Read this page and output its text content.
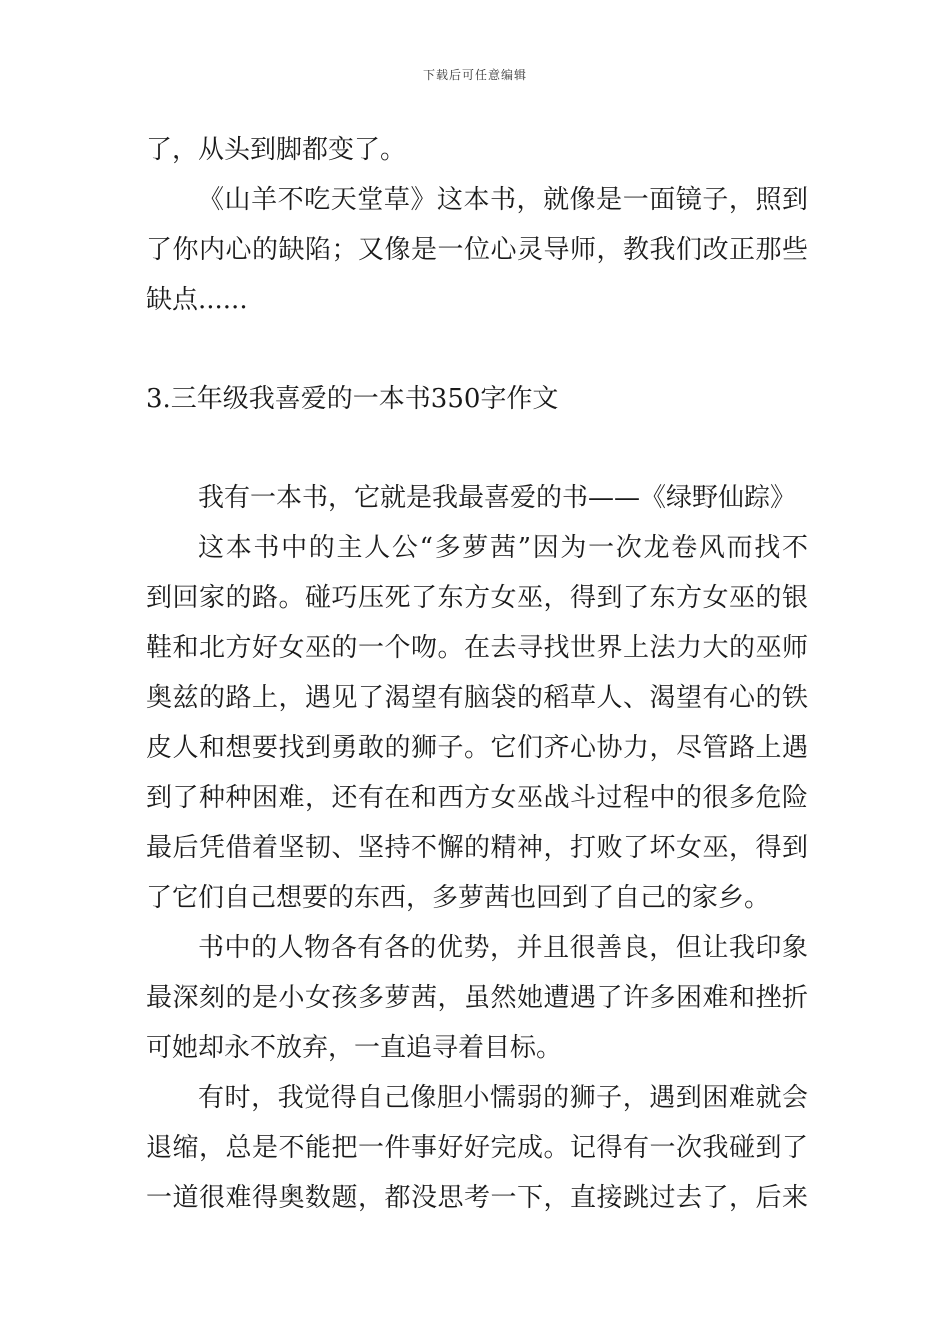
下载后可任意编辑
了，从头到脚都变了。
《山羊不吃天堂草》这本书，就像是一面镜子，照到
了你内心的缺陷；又像是一位心灵导师，教我们改正那些
缺点......
3.三年级我喜爱的一本书350字作文
我有一本书，它就是我最喜爱的书——《绿野仙踪》
这本书中的主人公“多萝茜”因为一次龙卷风而找不
到回家的路。碰巧压死了东方女巫，得到了东方女巫的银
鞋和北方好女巫的一个吻。在去寻找世界上法力大的巫师
奥兹的路上，遇见了渴望有脑袋的稻草人、渴望有心的铁
皮人和想要找到勇敢的狮子。它们齐心协力，尽管路上遇
到了种种困难，还有在和西方女巫战斗过程中的很多危险
最后凭借着坚韧、坚持不懈的精神，打败了坏女巫，得到
了它们自己想要的东西，多萝茜也回到了自己的家乡。
书中的人物各有各的优势，并且很善良，但让我印象
最深刻的是小女孩多萝茜，虽然她遭遇了许多困难和挫折
可她却永不放弃，一直追寻着目标。
有时，我觉得自己像胆小懦弱的狮子，遇到困难就会
退缩，总是不能把一件事好好完成。记得有一次我碰到了
一道很难得奥数题，都没思考一下，直接跳过去了，后来
